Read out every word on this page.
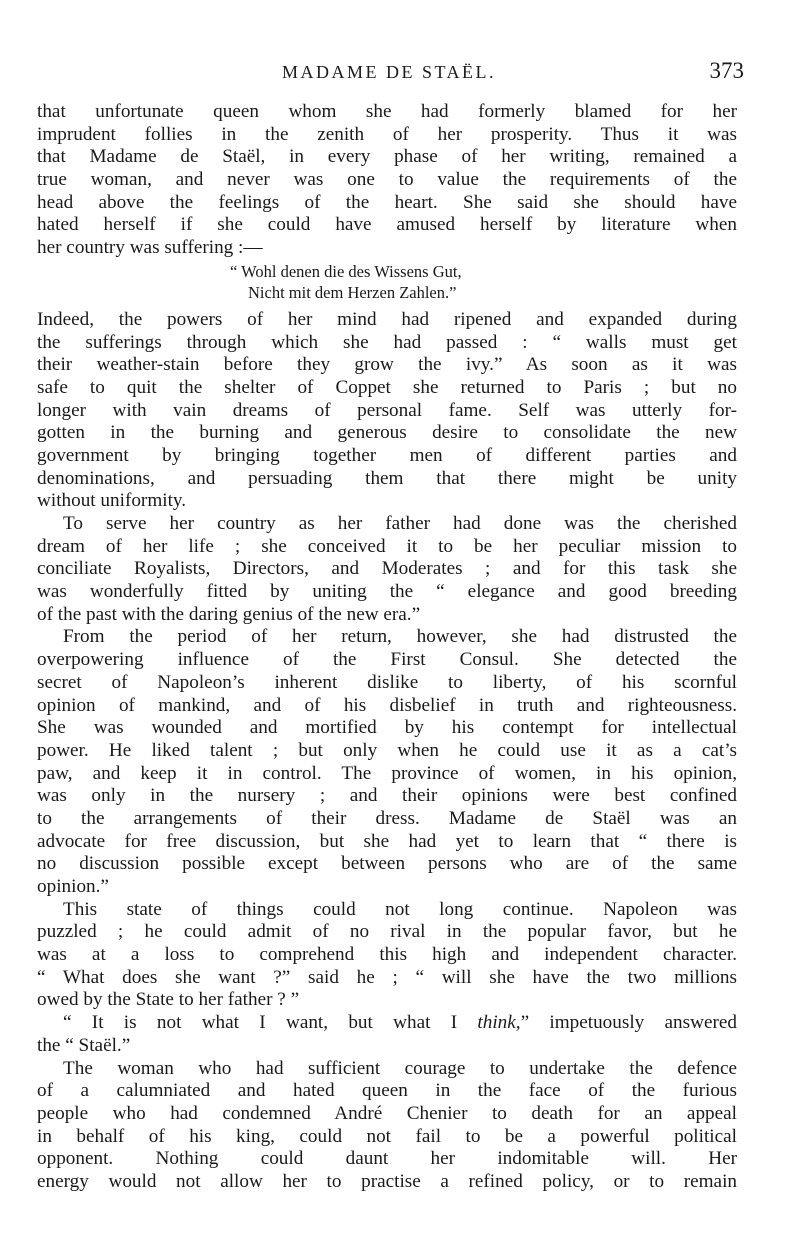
MADAME DE STAËL.	373
that unfortunate queen whom she had formerly blamed for her
imprudent follies in the zenith of her prosperity. Thus it was
that Madame de Staël, in every phase of her writing, remained a
true woman, and never was one to value the requirements of the
head above the feelings of the heart. She said she should have
hated herself if she could have amused herself by literature when
her country was suffering :—
“ Wohl denen die des Wissens Gut,
Nicht mit dem Herzen Zahlen.”
Indeed, the powers of her mind had ripened and expanded during
the sufferings through which she had passed : “ walls must get
their weather-stain before they grow the ivy.” As soon as it was
safe to quit the shelter of Coppet she returned to Paris ; but no
longer with vain dreams of personal fame. Self was utterly for-
gotten in the burning and generous desire to consolidate the new
government by bringing together men of different parties and
denominations, and persuading them that there might be unity
without uniformity.
To serve her country as her father had done was the cherished
dream of her life ; she conceived it to be her peculiar mission to
conciliate Royalists, Directors, and Moderates ; and for this task she
was wonderfully fitted by uniting the “ elegance and good breeding
of the past with the daring genius of the new era.”
From the period of her return, however, she had distrusted the
overpowering influence of the First Consul. She detected the
secret of Napoleon’s inherent dislike to liberty, of his scornful
opinion of mankind, and of his disbelief in truth and righteousness.
She was wounded and mortified by his contempt for intellectual
power. He liked talent ; but only when he could use it as a cat’s
paw, and keep it in control. The province of women, in his opinion,
was only in the nursery ; and their opinions were best confined
to the arrangements of their dress. Madame de Staël was an
advocate for free discussion, but she had yet to learn that “ there is
no discussion possible except between persons who are of the same
opinion.”
This state of things could not long continue. Napoleon was
puzzled ; he could admit of no rival in the popular favor, but he
was at a loss to comprehend this high and independent character.
“ What does she want ?” said he ; “ will she have the two millions
owed by the State to her father ? ”
“ It is not what I want, but what I think,” impetuously answered
the “ Staël.”
The woman who had sufficient courage to undertake the defence
of a calumniated and hated queen in the face of the furious
people who had condemned André Chenier to death for an appeal
in behalf of his king, could not fail to be a powerful political
opponent. Nothing could daunt her indomitable will. Her
energy would not allow her to practise a refined policy, or to remain
